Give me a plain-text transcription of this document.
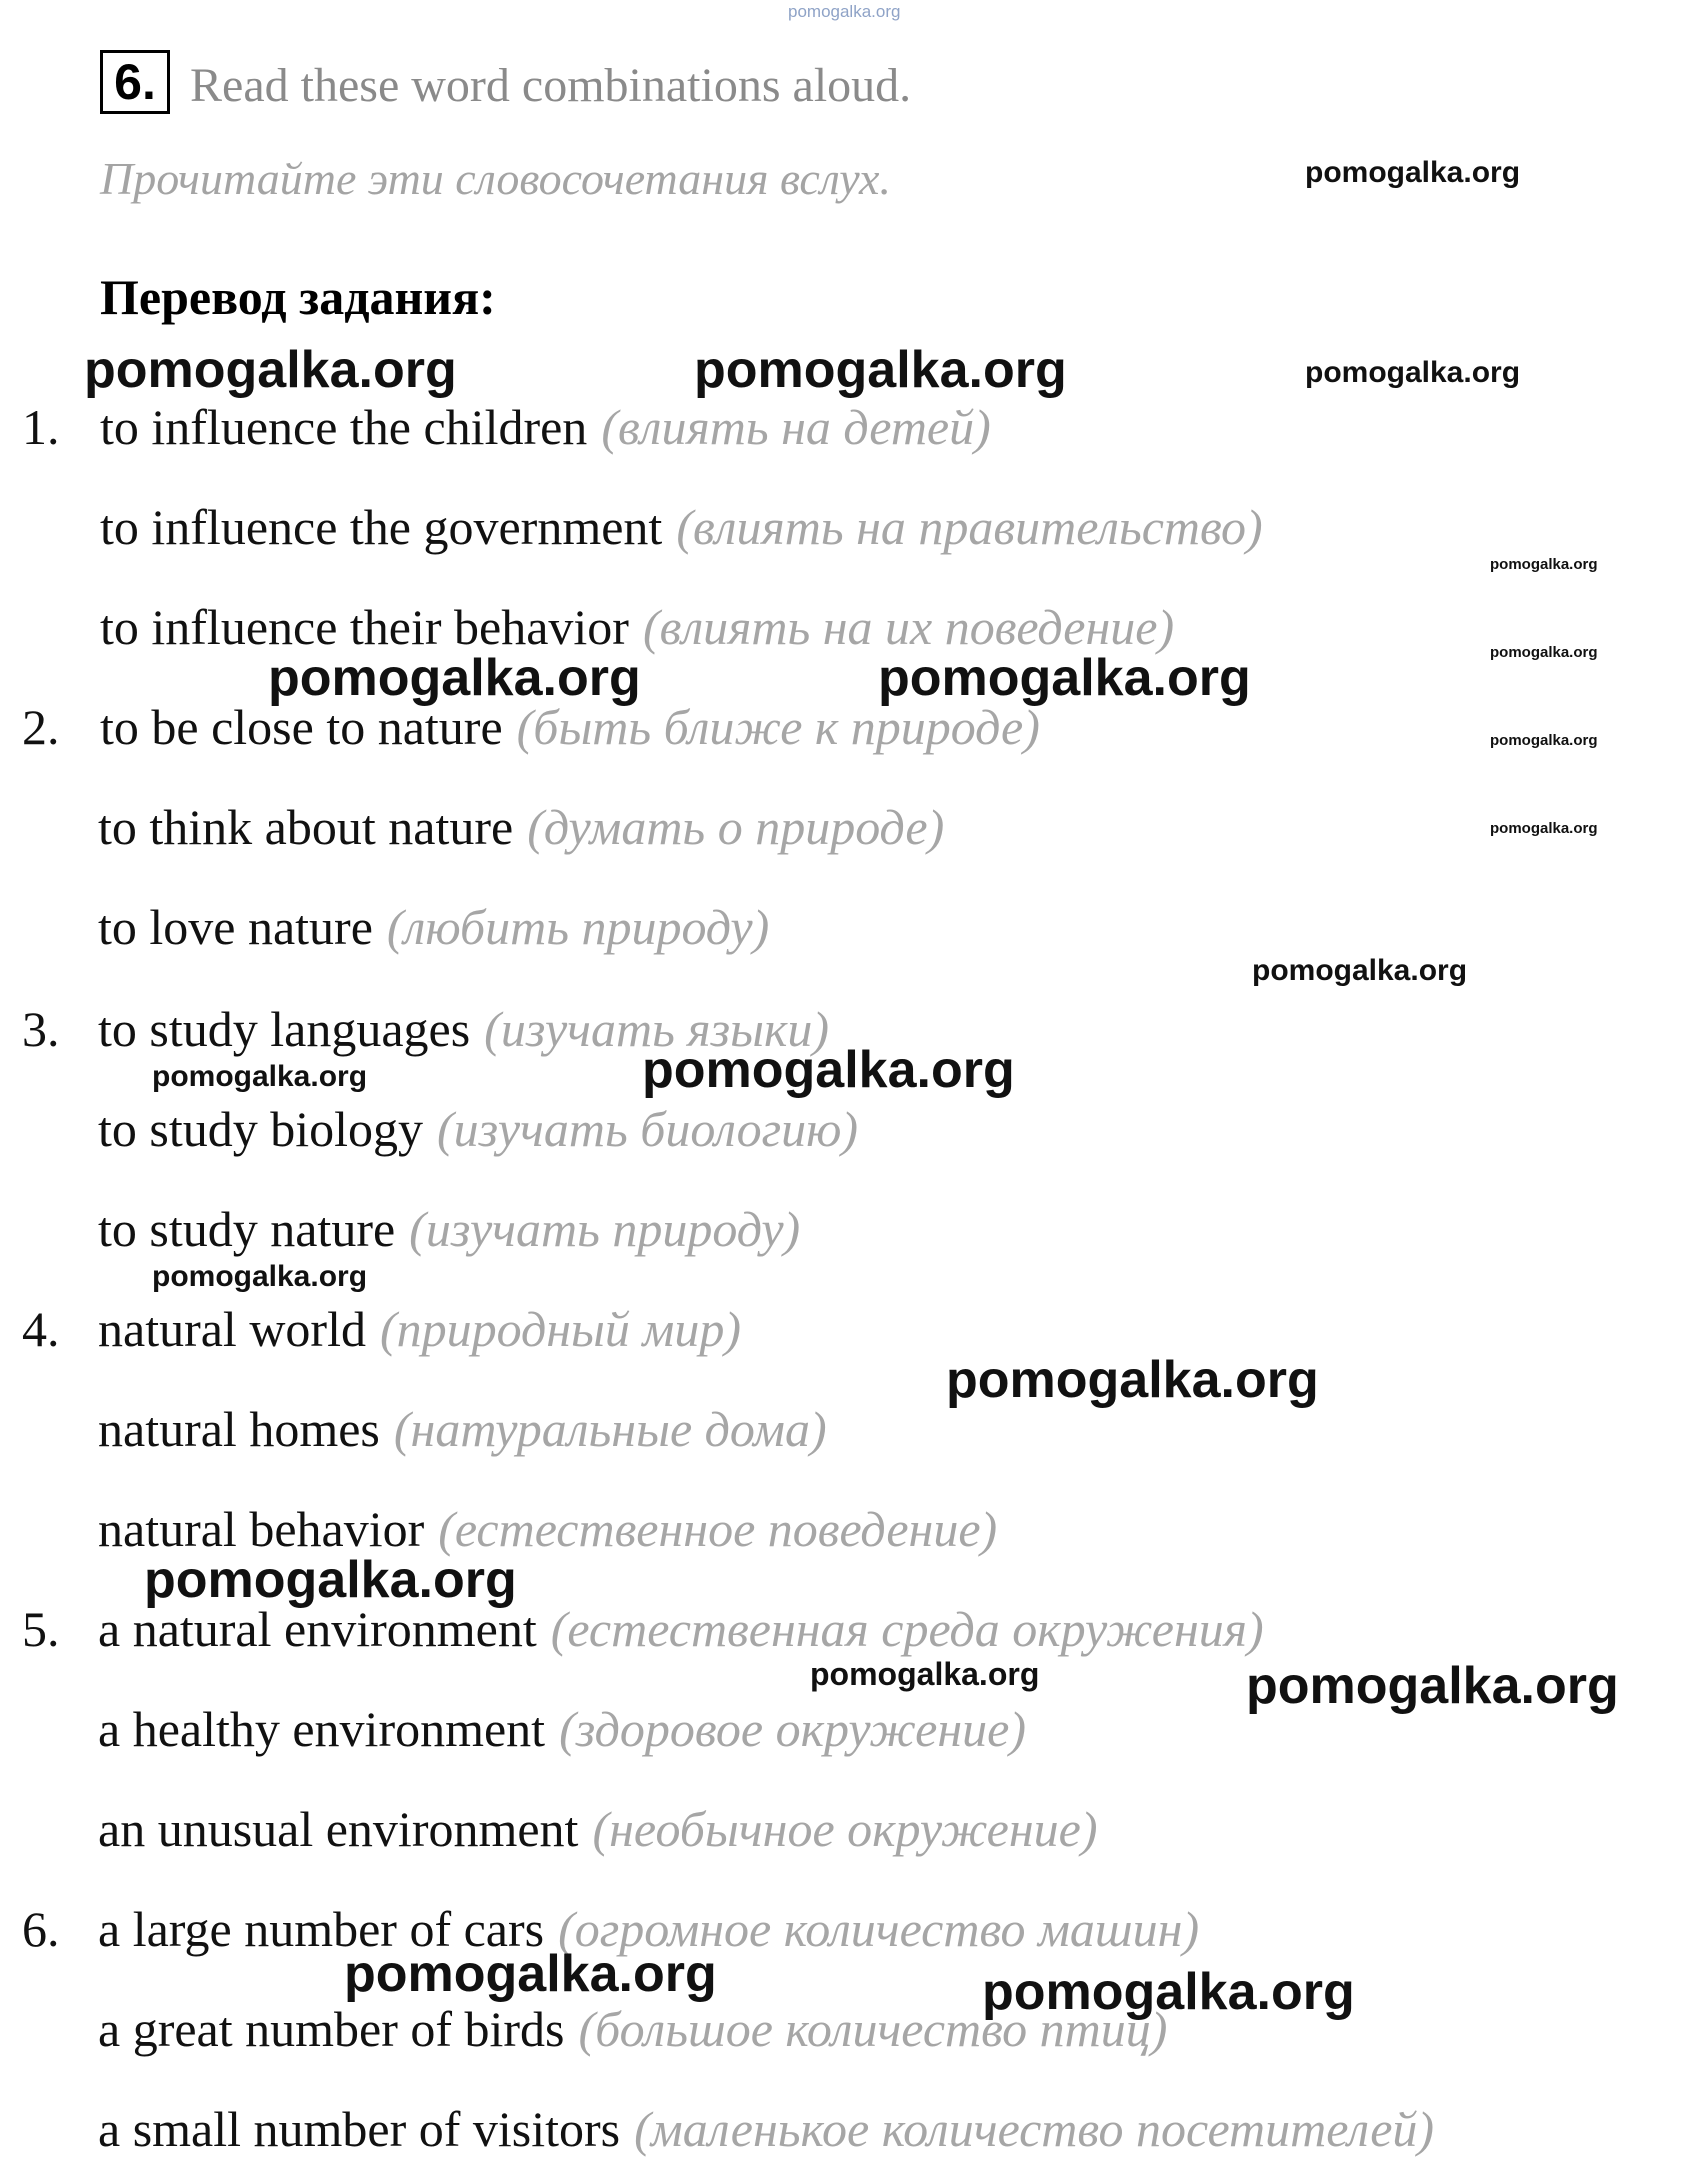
pomogalka.org
6. Read these word combinations aloud.
Прочитайте эти словосочетания вслух.
Перевод задания:
1. to influence the children (влиять на детей)
to influence the government (влиять на правительство)
to influence their behavior (влиять на их поведение)
2. to be close to nature (быть ближе к природе)
to think about nature (думать о природе)
to love nature (любить природу)
3. to study languages (изучать языки)
to study biology (изучать биологию)
to study nature (изучать природу)
4. natural world (природный мир)
natural homes (натуральные дома)
natural behavior (естественное поведение)
5. a natural environment (естественная среда окружения)
a healthy environment (здоровое окружение)
an unusual environment (необычное окружение)
6. a large number of cars (огромное количество машин)
a great number of birds (большое количество птиц)
a small number of visitors (маленькое количество посетителей)
pomogalka.org
pomogalka.org	pomogalka.org	pomogalka.org
pomogalka.org
pomogalka.org
pomogalka.org	pomogalka.org
pomogalka.org
pomogalka.org
pomogalka.org	pomogalka.org
pomogalka.org
pomogalka.org
pomogalka.org
pomogalka.org	pomogalka.org
pomogalka.org	pomogalka.org
pomogalka.org
